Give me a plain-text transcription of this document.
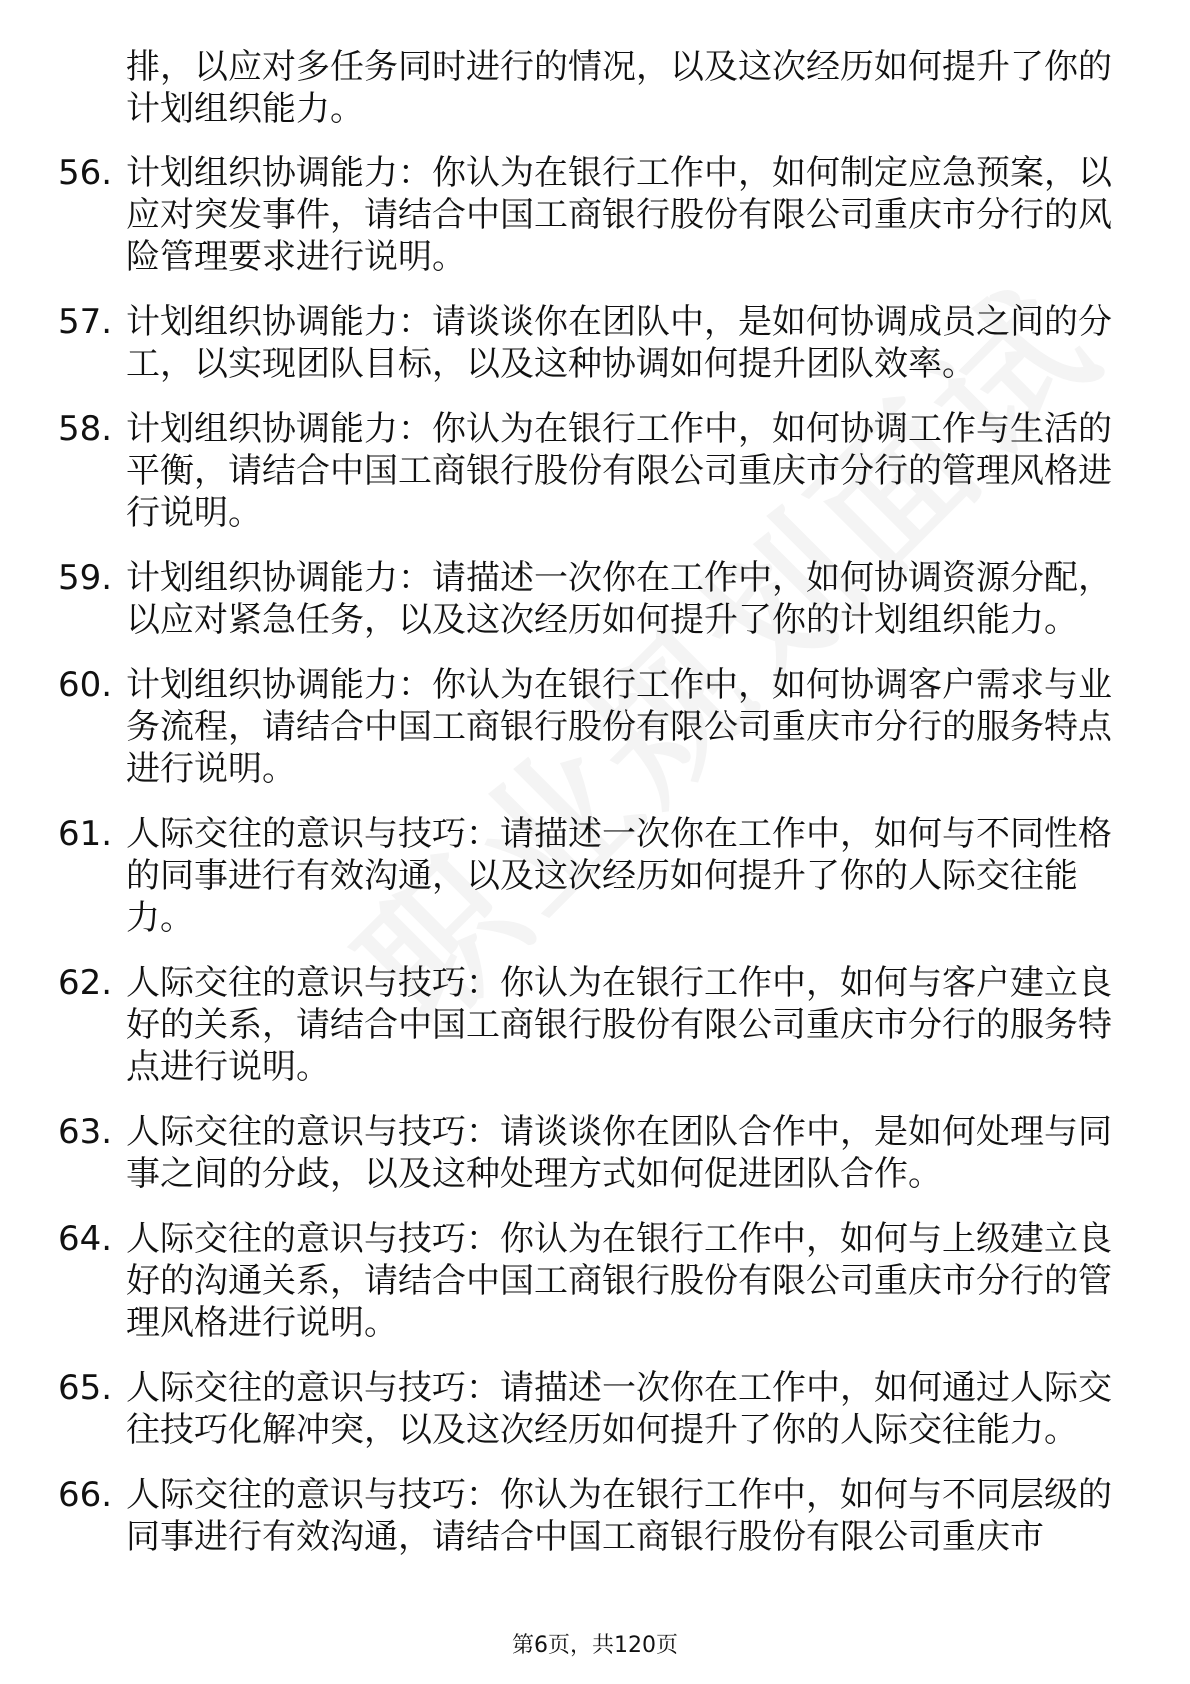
排，以应对多任务同时进行的情况，以及这次经历如何提升了你的计划组织能力。
56. 计划组织协调能力：你认为在银行工作中，如何制定应急预案，以应对突发事件，请结合中国工商银行股份有限公司重庆市分行的风险管理要求进行说明。
57. 计划组织协调能力：请谈谈你在团队中，是如何协调成员之间的分工，以实现团队目标，以及这种协调如何提升团队效率。
58. 计划组织协调能力：你认为在银行工作中，如何协调工作与生活的平衡，请结合中国工商银行股份有限公司重庆市分行的管理风格进行说明。
59. 计划组织协调能力：请描述一次你在工作中，如何协调资源分配，以应对紧急任务，以及这次经历如何提升了你的计划组织能力。
60. 计划组织协调能力：你认为在银行工作中，如何协调客户需求与业务流程，请结合中国工商银行股份有限公司重庆市分行的服务特点进行说明。
61. 人际交往的意识与技巧：请描述一次你在工作中，如何与不同性格的同事进行有效沟通，以及这次经历如何提升了你的人际交往能力。
62. 人际交往的意识与技巧：你认为在银行工作中，如何与客户建立良好的关系，请结合中国工商银行股份有限公司重庆市分行的服务特点进行说明。
63. 人际交往的意识与技巧：请谈谈你在团队合作中，是如何处理与同事之间的分歧，以及这种处理方式如何促进团队合作。
64. 人际交往的意识与技巧：你认为在银行工作中，如何与上级建立良好的沟通关系，请结合中国工商银行股份有限公司重庆市分行的管理风格进行说明。
65. 人际交往的意识与技巧：请描述一次你在工作中，如何通过人际交往技巧化解冲突，以及这次经历如何提升了你的人际交往能力。
66. 人际交往的意识与技巧：你认为在银行工作中，如何与不同层级的同事进行有效沟通，请结合中国工商银行股份有限公司重庆市
第6页，共120页
